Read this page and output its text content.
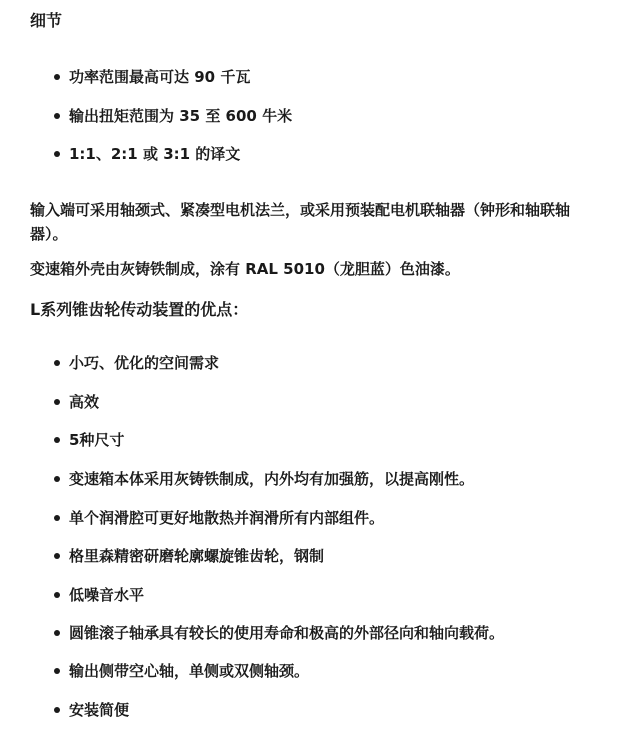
细节
功率范围最高可达 90 千瓦
输出扭矩范围为 35 至 600 牛米
1:1、2:1 或 3:1 的译文

输入端可采用轴颈式、紧凑型电机法兰，或采用预装配电机联轴器（钟形和轴联轴器）。

变速箱外壳由灰铸铁制成，涂有 RAL 5010（龙胆蓝）色油漆。

L系列锥齿轮传动装置的优点：
小巧、优化的空间需求
高效
5种尺寸
变速箱本体采用灰铸铁制成，内外均有加强筋，以提高刚性。
单个润滑腔可更好地散热并润滑所有内部组件。
格里森精密研磨轮廓螺旋锥齿轮，钢制
低噪音水平
圆锥滚子轴承具有较长的使用寿命和极高的外部径向和轴向载荷。
输出侧带空心轴，单侧或双侧轴颈。
安装简便
